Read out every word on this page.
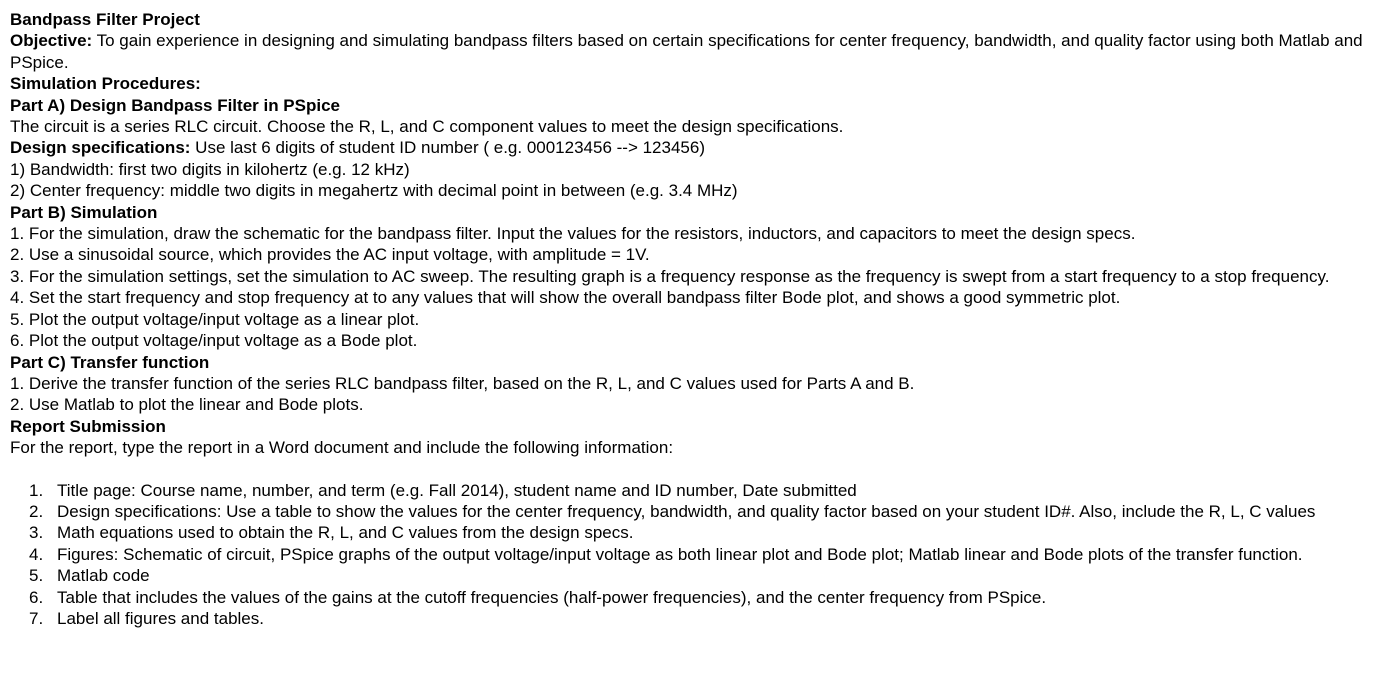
Bandpass Filter Project

Objective: To gain experience in designing and simulating bandpass filters based on certain specifications for center frequency, bandwidth, and quality factor using both Matlab and PSpice.

Simulation Procedures:

Part A) Design Bandpass Filter in PSpice

The circuit is a series RLC circuit. Choose the R, L, and C component values to meet the design specifications.

Design specifications: Use last 6 digits of student ID number ( e.g. 000123456 --> 123456)

1) Bandwidth: first two digits in kilohertz (e.g. 12 kHz)

2) Center frequency: middle two digits in megahertz with decimal point in between (e.g. 3.4 MHz)

Part B) Simulation

1. For the simulation, draw the schematic for the bandpass filter. Input the values for the resistors, inductors, and capacitors to meet the design specs.

2. Use a sinusoidal source, which provides the AC input voltage, with amplitude = 1V.

3. For the simulation settings, set the simulation to AC sweep. The resulting graph is a frequency response as the frequency is swept from a start frequency to a stop frequency.

4. Set the start frequency and stop frequency at to any values that will show the overall bandpass filter Bode plot, and shows a good symmetric plot.

5. Plot the output voltage/input voltage as a linear plot.

6. Plot the output voltage/input voltage as a Bode plot.

Part C) Transfer function

1. Derive the transfer function of the series RLC bandpass filter, based on the R, L, and C values used for Parts A and B.

2. Use Matlab to plot the linear and Bode plots.

Report Submission

For the report, type the report in a Word document and include the following information:

1. Title page: Course name, number, and term (e.g. Fall 2014), student name and ID number, Date submitted
2. Design specifications: Use a table to show the values for the center frequency, bandwidth, and quality factor based on your student ID#. Also, include the R, L, C values
3. Math equations used to obtain the R, L, and C values from the design specs.
4. Figures: Schematic of circuit, PSpice graphs of the output voltage/input voltage as both linear plot and Bode plot; Matlab linear and Bode plots of the transfer function.
5. Matlab code
6. Table that includes the values of the gains at the cutoff frequencies (half-power frequencies), and the center frequency from PSpice.
7. Label all figures and tables.
